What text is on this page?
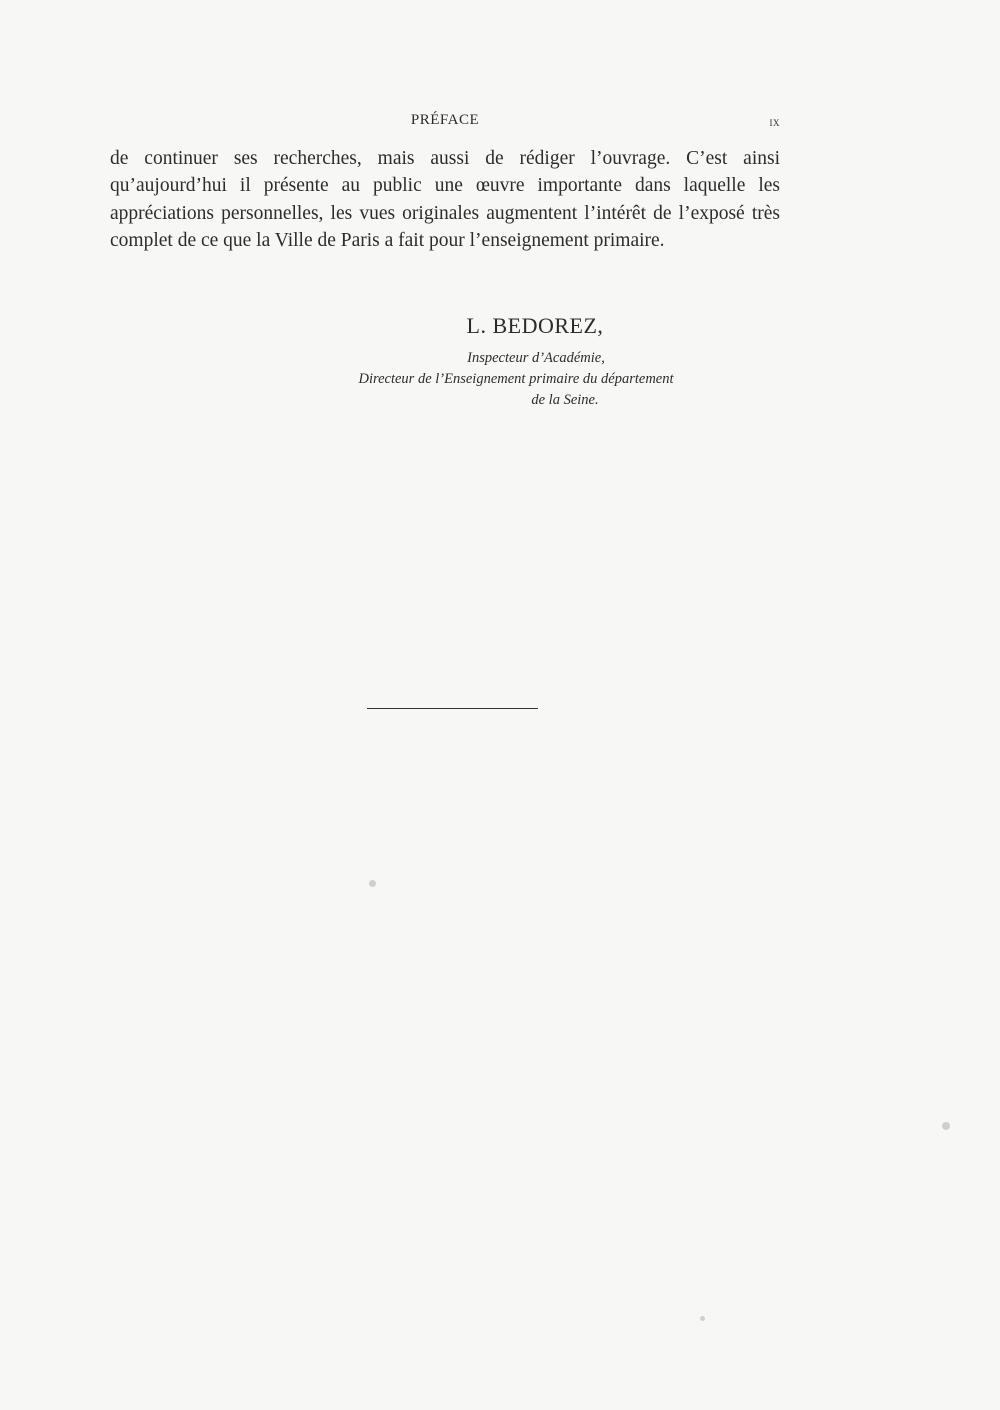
PRÉFACE	ix

de continuer ses recherches, mais aussi de rédiger l’ouvrage. C’est ainsi qu’aujourd’hui il présente au public une œuvre importante dans laquelle les appréciations personnelles, les vues originales augmentent l’intérêt de l’exposé très complet de ce que la Ville de Paris a fait pour l’enseignement primaire.

L. BEDOREZ,

Inspecteur d’Académie,
Directeur de l’Enseignement primaire du département
de la Seine.
